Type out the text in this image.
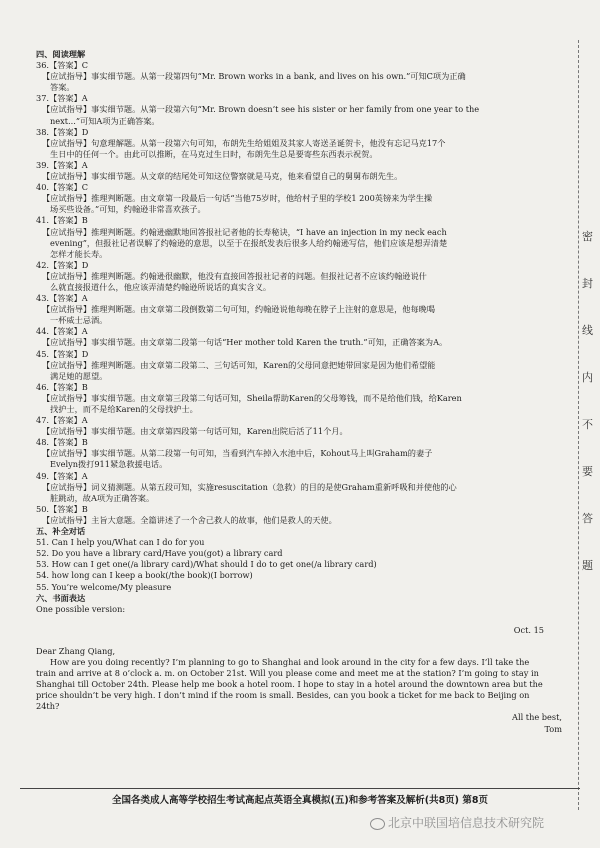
四、阅读理解
36.【答案】C
【应试指导】事实细节题。从第一段第四句“Mr. Brown works in a bank, and lives on his own.”可知C项为正确
答案。
37.【答案】A
【应试指导】事实细节题。从第一段第六句“Mr. Brown doesn’t see his sister or her family from one year to the
next...”可知A项为正确答案。
38.【答案】D
【应试指导】句意理解题。从第一段第六句可知，布朗先生给姐姐及其家人寄送圣诞贺卡，他没有忘记马克17个
生日中的任何一个。由此可以推断，在马克过生日时，布朗先生总是要寄些东西表示祝贺。
39.【答案】A
【应试指导】事实细节题。从文章的结尾处可知这位警察就是马克，他来看望自己的舅舅布朗先生。
40.【答案】C
【应试指导】推理判断题。由文章第一段最后一句话“当他75岁时，他给村子里的学校1 200英镑来为学生操
场买些设备。”可知，约翰逊非常喜欢孩子。
41.【答案】B
【应试指导】推理判断题。约翰逊幽默地回答报社记者他的长寿秘诀，“I have an injection in my neck each
evening”，但报社记者误解了约翰逊的意思，以至于在报纸发表后很多人给约翰逊写信，他们应该是想弄清楚
怎样才能长寿。
42.【答案】D
【应试指导】推理判断题。约翰逊很幽默，他没有直接回答报社记者的问题。但报社记者不应该约翰逊说什
么就直接报道什么，他应该弄清楚约翰逊所说话的真实含义。
43.【答案】A
【应试指导】推理判断题。由文章第二段倒数第二句可知，约翰逊说他每晚在脖子上注射的意思是，他每晚喝
一杯威士忌酒。
44.【答案】A
【应试指导】事实细节题。由文章第二段第一句话“Her mother told Karen the truth.”可知，正确答案为A。
45.【答案】D
【应试指导】推理判断题。由文章第二段第二、三句话可知，Karen的父母同意把她带回家是因为他们希望能
满足她的愿望。
46.【答案】B
【应试指导】事实细节题。由文章第三段第二句话可知，Sheila帮助Karen的父母筹钱，而不是给他们钱，给Karen
找护士，而不是给Karen的父母找护士。
47.【答案】A
【应试指导】事实细节题。由文章第四段第一句话可知，Karen出院后活了11个月。
48.【答案】B
【应试指导】事实细节题。从第二段第一句可知，当看到汽车掉入水池中后，Kohout马上叫Graham的妻子
Evelyn拨打911紧急救援电话。
49.【答案】A
【应试指导】词义猜测题。从第五段可知，实施resuscitation（急救）的目的是使Graham重新呼吸和并使他的心
脏跳动，故A项为正确答案。
50.【答案】B
【应试指导】主旨大意题。全篇讲述了一个舍己救人的故事，他们是救人的天使。
五、补全对话
51. Can I help you/What can I do for you
52. Do you have a library card/Have you(got) a library card
53. How can I get one(/a library card)/What should I do to get one(/a library card)
54. how long can I keep a book(/the book)(I borrow)
55. You’re welcome/My pleasure
六、书面表达
One possible version:
Oct. 15
Dear Zhang Qiang,
How are you doing recently? I’m planning to go to Shanghai and look around in the city for a few days. I’ll take the
train and arrive at 8 o’clock a. m. on October 21st. Will you please come and meet me at the station? I’m going to stay in
Shanghai till October 24th. Please help me book a hotel room. I hope to stay in a hotel around the downtown area but the
price shouldn’t be very high. I don’t mind if the room is small. Besides, can you book a ticket for me back to Beijing on
24th?
All the best,
Tom
密
封
线
内
不
要
答
题
全国各类成人高等学校招生考试高起点英语全真模拟(五)和参考答案及解析(共8页) 第8页
北京中联国培信息技术研究院
